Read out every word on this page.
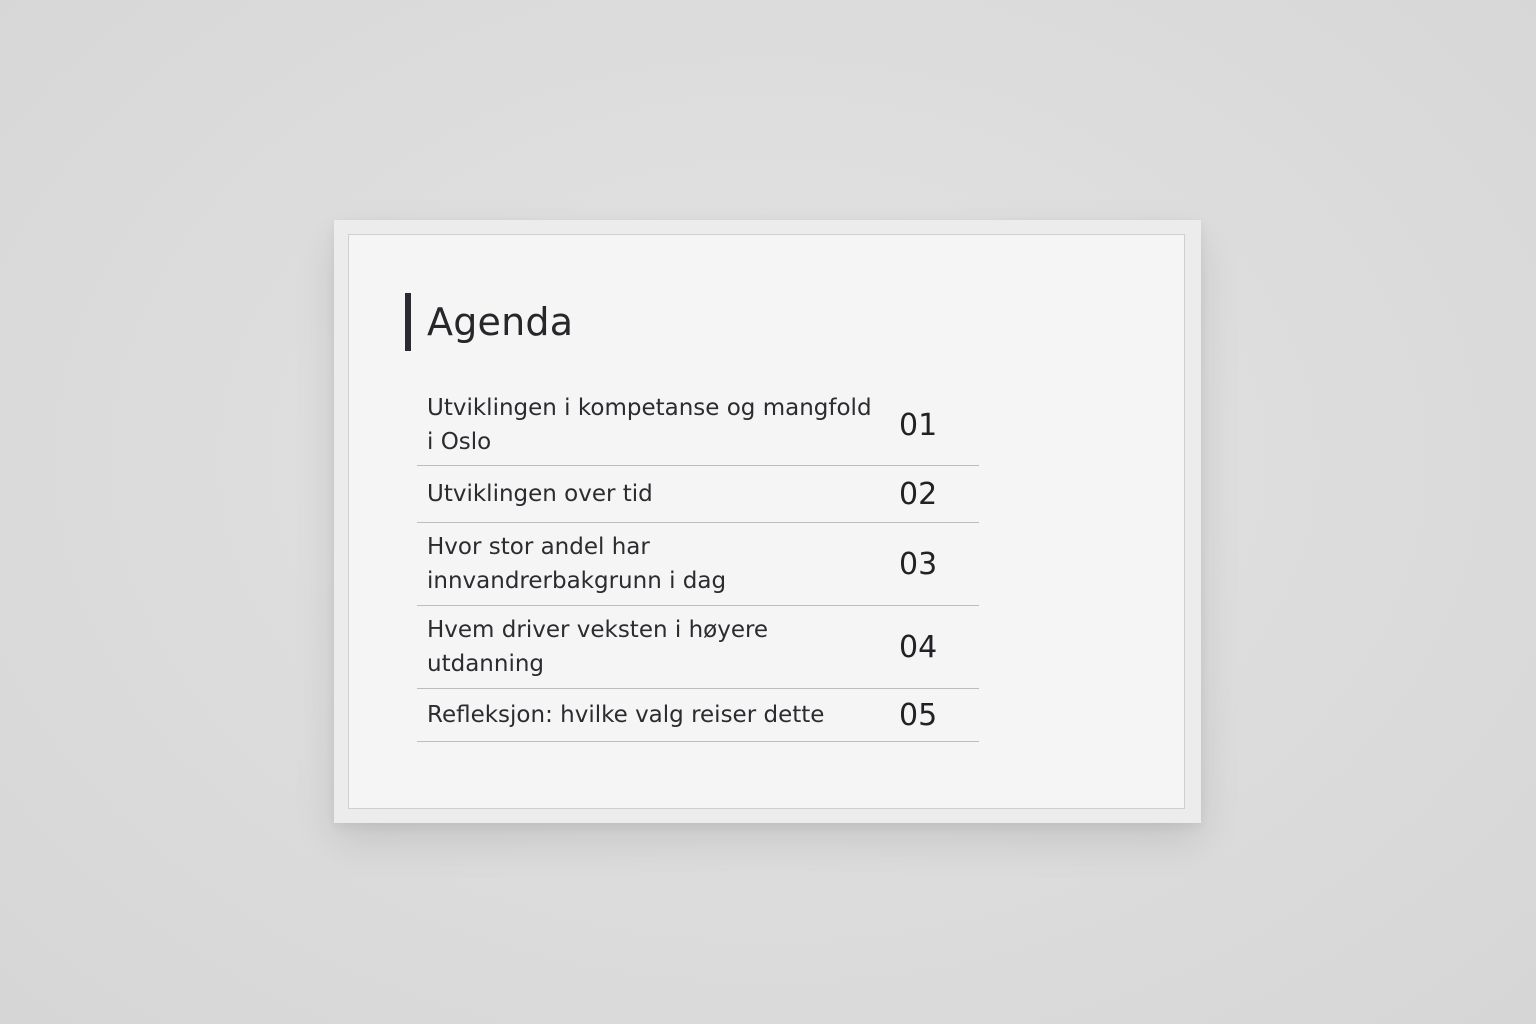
Agenda
Utviklingen i kompetanse og mangfold i Oslo	01
Utviklingen over tid	02
Hvor stor andel har innvandrerbakgrunn i dag	03
Hvem driver veksten i høyere utdanning	04
Refleksjon: hvilke valg reiser dette	05
